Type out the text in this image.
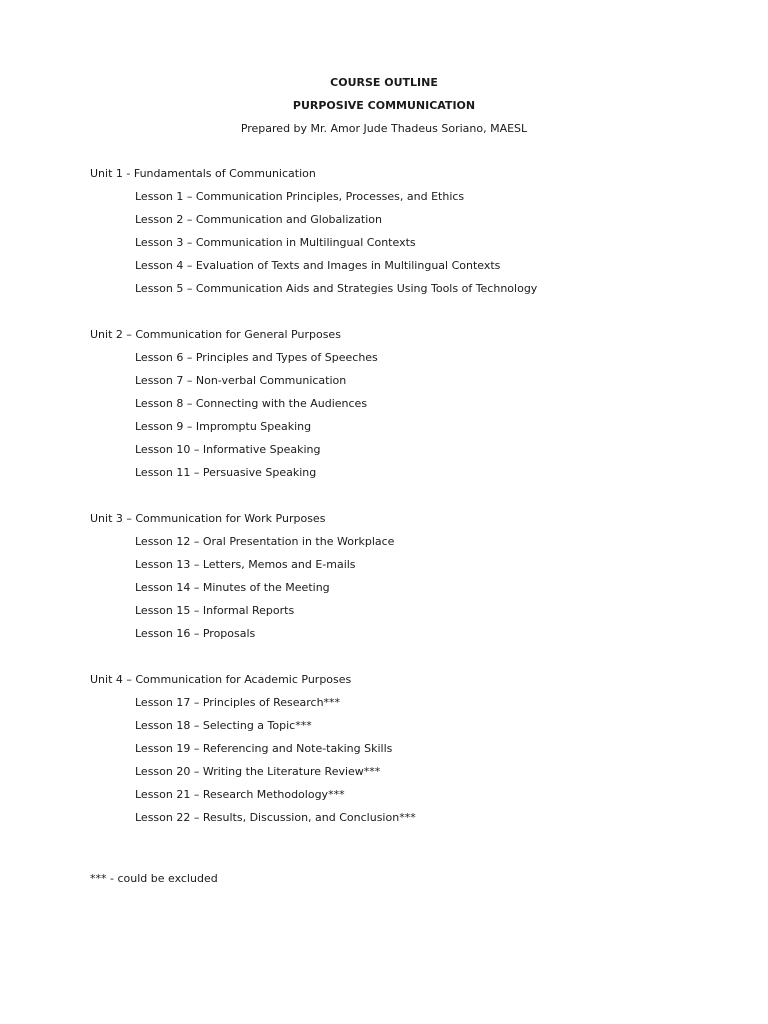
COURSE OUTLINE
PURPOSIVE COMMUNICATION
Prepared by Mr. Amor Jude Thadeus Soriano, MAESL
Unit 1 - Fundamentals of Communication
Lesson 1 – Communication Principles, Processes, and Ethics
Lesson 2 – Communication and Globalization
Lesson 3 – Communication in Multilingual Contexts
Lesson 4 – Evaluation of Texts and Images in Multilingual Contexts
Lesson 5 – Communication Aids and Strategies Using Tools of Technology
Unit 2 – Communication for General Purposes
Lesson 6 – Principles and Types of Speeches
Lesson 7 – Non-verbal Communication
Lesson 8 – Connecting with the Audiences
Lesson 9 – Impromptu Speaking
Lesson 10 – Informative Speaking
Lesson 11 – Persuasive Speaking
Unit 3 – Communication for Work Purposes
Lesson 12 – Oral Presentation in the Workplace
Lesson 13 – Letters, Memos and E-mails
Lesson 14 – Minutes of the Meeting
Lesson 15 – Informal Reports
Lesson 16 – Proposals
Unit 4 – Communication for Academic Purposes
Lesson 17 – Principles of Research***
Lesson 18 – Selecting a Topic***
Lesson 19 – Referencing and Note-taking Skills
Lesson 20 – Writing the Literature Review***
Lesson 21 – Research Methodology***
Lesson 22 – Results, Discussion, and Conclusion***
*** - could be excluded
